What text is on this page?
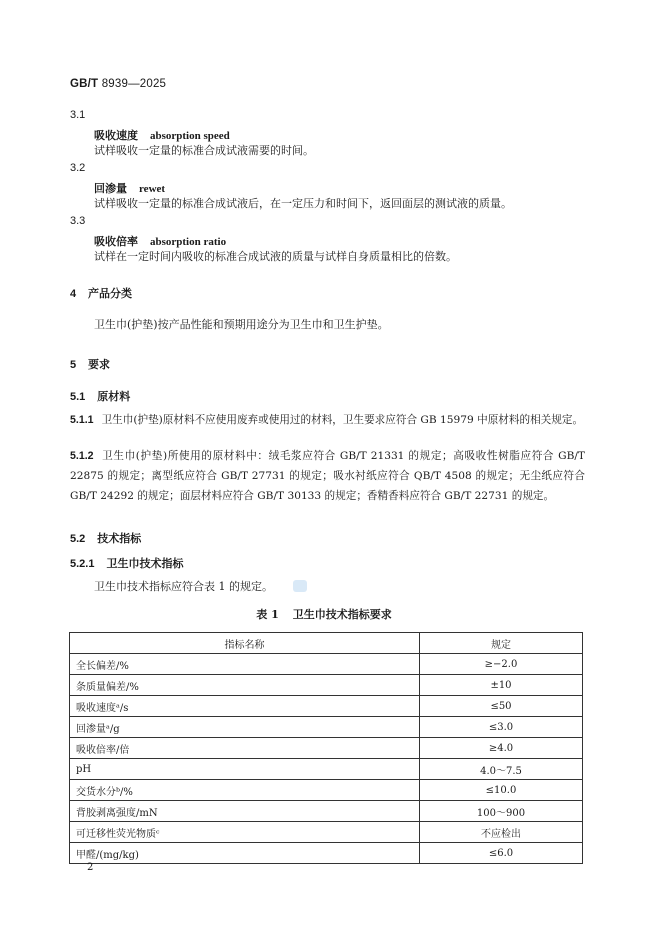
GB/T 8939—2025
3.1
吸收速度 absorption speed
试样吸收一定量的标准合成试液需要的时间。
3.2
回渗量 rewet
试样吸收一定量的标准合成试液后，在一定压力和时间下，返回面层的测试液的质量。
3.3
吸收倍率 absorption ratio
试样在一定时间内吸收的标准合成试液的质量与试样自身质量相比的倍数。
4 产品分类
卫生巾(护垫)按产品性能和预期用途分为卫生巾和卫生护垫。
5 要求
5.1 原材料
5.1.1 卫生巾(护垫)原材料不应使用废弃或使用过的材料，卫生要求应符合 GB 15979 中原材料的相关规定。
5.1.2 卫生巾(护垫)所使用的原材料中：绒毛浆应符合 GB/T 21331 的规定；高吸收性树脂应符合 GB/T 22875 的规定；离型纸应符合 GB/T 27731 的规定；吸水衬纸应符合 QB/T 4508 的规定；无尘纸应符合 GB/T 24292 的规定；面层材料应符合 GB/T 30133 的规定；香精香料应符合 GB/T 22731 的规定。
5.2 技术指标
5.2.1 卫生巾技术指标
卫生巾技术指标应符合表 1 的规定。
表 1 卫生巾技术指标要求
指标名称	规定
全长偏差/%	≥−2.0
条质量偏差/%	±10
吸收速度ᵃ/s	≤50
回渗量ᵃ/g	≤3.0
吸收倍率/倍	≥4.0
pH	4.0～7.5
交货水分ᵇ/%	≤10.0
背胶剥离强度/mN	100～900
可迁移性荧光物质ᶜ	不应检出
甲醛/(mg/kg)	≤6.0
2
